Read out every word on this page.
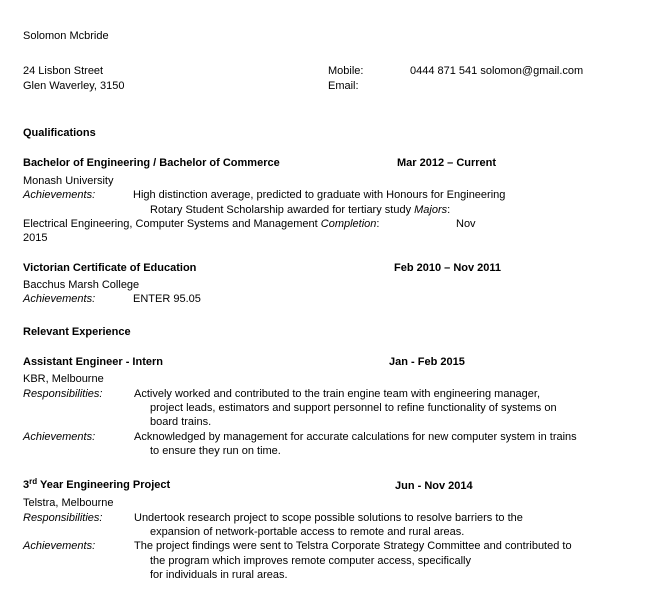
Solomon Mcbride
24 Lisbon Street
Glen Waverley, 3150
Mobile:	0444 871 541 solomon@gmail.com
Email:
Qualifications
Bachelor of Engineering / Bachelor of Commerce	Mar 2012 – Current
Monash University
Achievements:	High distinction average, predicted to graduate with Honours for Engineering
Rotary Student Scholarship awarded for tertiary study Majors:
Electrical Engineering, Computer Systems and Management Completion:	Nov
2015
Victorian Certificate of Education	Feb 2010 – Nov 2011
Bacchus Marsh College
Achievements:	ENTER 95.05
Relevant Experience
Assistant Engineer - Intern	Jan - Feb 2015
KBR, Melbourne
Responsibilities:	Actively worked and contributed to the train engine team with engineering manager,
project leads, estimators and support personnel to refine functionality of systems on
board trains.
Achievements:	Acknowledged by management for accurate calculations for new computer system in trains
to ensure they run on time.
3rd Year Engineering Project	Jun - Nov 2014
Telstra, Melbourne
Responsibilities:	Undertook research project to scope possible solutions to resolve barriers to the
expansion of network-portable access to remote and rural areas.
Achievements:	The project findings were sent to Telstra Corporate Strategy Committee and contributed to
the program which improves remote computer access, specifically
for individuals in rural areas.
